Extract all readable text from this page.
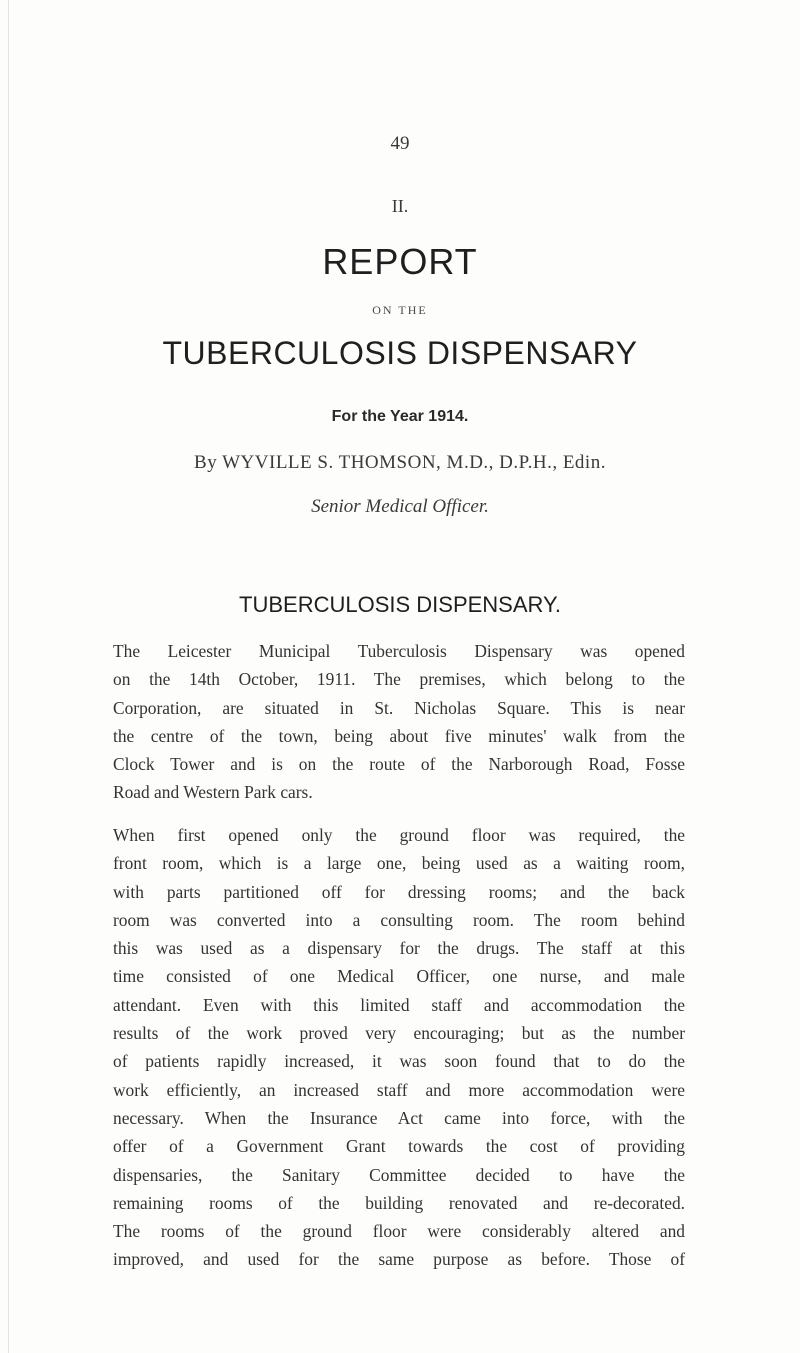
49
II.
REPORT
ON THE
TUBERCULOSIS DISPENSARY
For the Year 1914.
By WYVILLE S. THOMSON, M.D., D.P.H., Edin.
Senior Medical Officer.
TUBERCULOSIS DISPENSARY.
The Leicester Municipal Tuberculosis Dispensary was opened
on the 14th October, 1911. The premises, which belong to the
Corporation, are situated in St. Nicholas Square. This is near
the centre of the town, being about five minutes' walk from the
Clock Tower and is on the route of the Narborough Road, Fosse
Road and Western Park cars.
When first opened only the ground floor was required, the
front room, which is a large one, being used as a waiting room,
with parts partitioned off for dressing rooms; and the back
room was converted into a consulting room. The room behind
this was used as a dispensary for the drugs. The staff at this
time consisted of one Medical Officer, one nurse, and male
attendant. Even with this limited staff and accommodation the
results of the work proved very encouraging; but as the number
of patients rapidly increased, it was soon found that to do the
work efficiently, an increased staff and more accommodation were
necessary. When the Insurance Act came into force, with the
offer of a Government Grant towards the cost of providing
dispensaries, the Sanitary Committee decided to have the
remaining rooms of the building renovated and re-decorated.
The rooms of the ground floor were considerably altered and
improved, and used for the same purpose as before. Those of
